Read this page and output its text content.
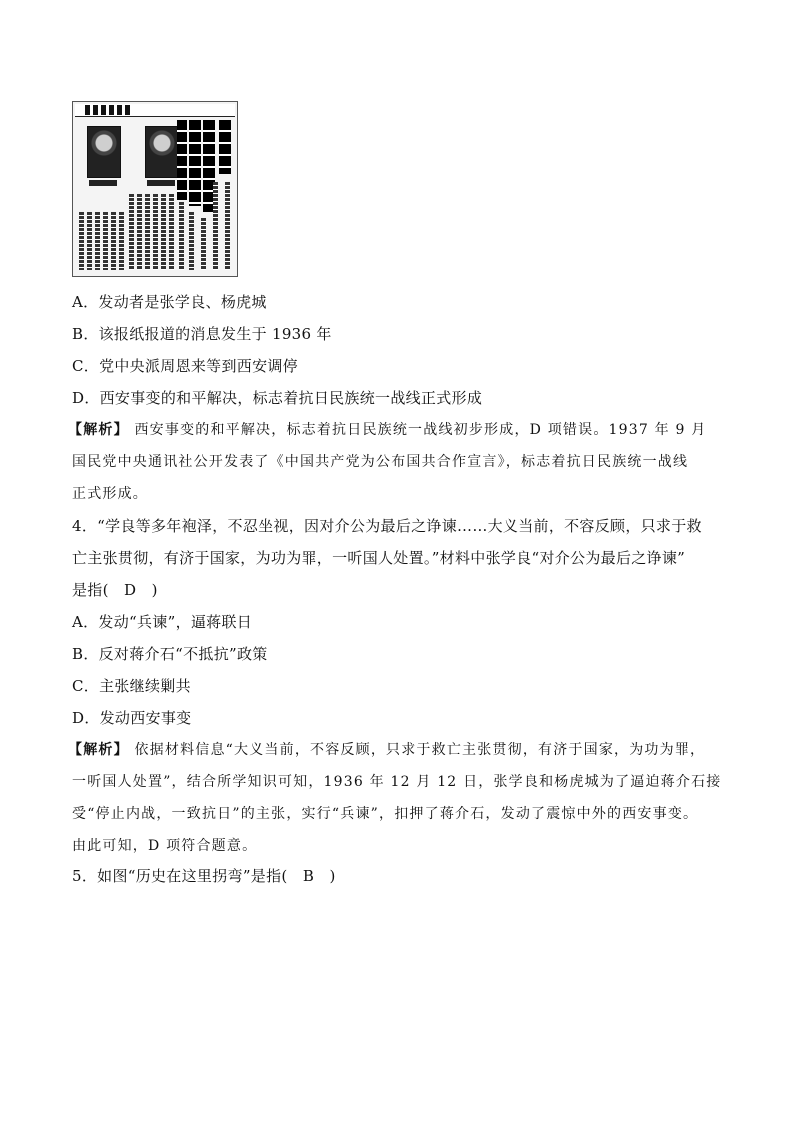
A．发动者是张学良、杨虎城
B．该报纸报道的消息发生于 1936 年
C．党中央派周恩来等到西安调停
D．西安事变的和平解决，标志着抗日民族统一战线正式形成
【解析】 西安事变的和平解决，标志着抗日民族统一战线初步形成，D 项错误。1937 年 9 月
国民党中央通讯社公开发表了《中国共产党为公布国共合作宣言》，标志着抗日民族统一战线
正式形成。
4．“学良等多年袍泽，不忍坐视，因对介公为最后之诤谏……大义当前，不容反顾，只求于救
亡主张贯彻，有济于国家，为功为罪，一听国人处置。”材料中张学良“对介公为最后之诤谏”
是指(　D　)
A．发动“兵谏”，逼蒋联日
B．反对蒋介石“不抵抗”政策
C．主张继续剿共
D．发动西安事变
【解析】 依据材料信息“大义当前，不容反顾，只求于救亡主张贯彻，有济于国家，为功为罪，
一听国人处置”，结合所学知识可知，1936 年 12 月 12 日，张学良和杨虎城为了逼迫蒋介石接
受“停止内战，一致抗日”的主张，实行“兵谏”，扣押了蒋介石，发动了震惊中外的西安事变。
由此可知，D 项符合题意。
5．如图“历史在这里拐弯”是指(　B　)
